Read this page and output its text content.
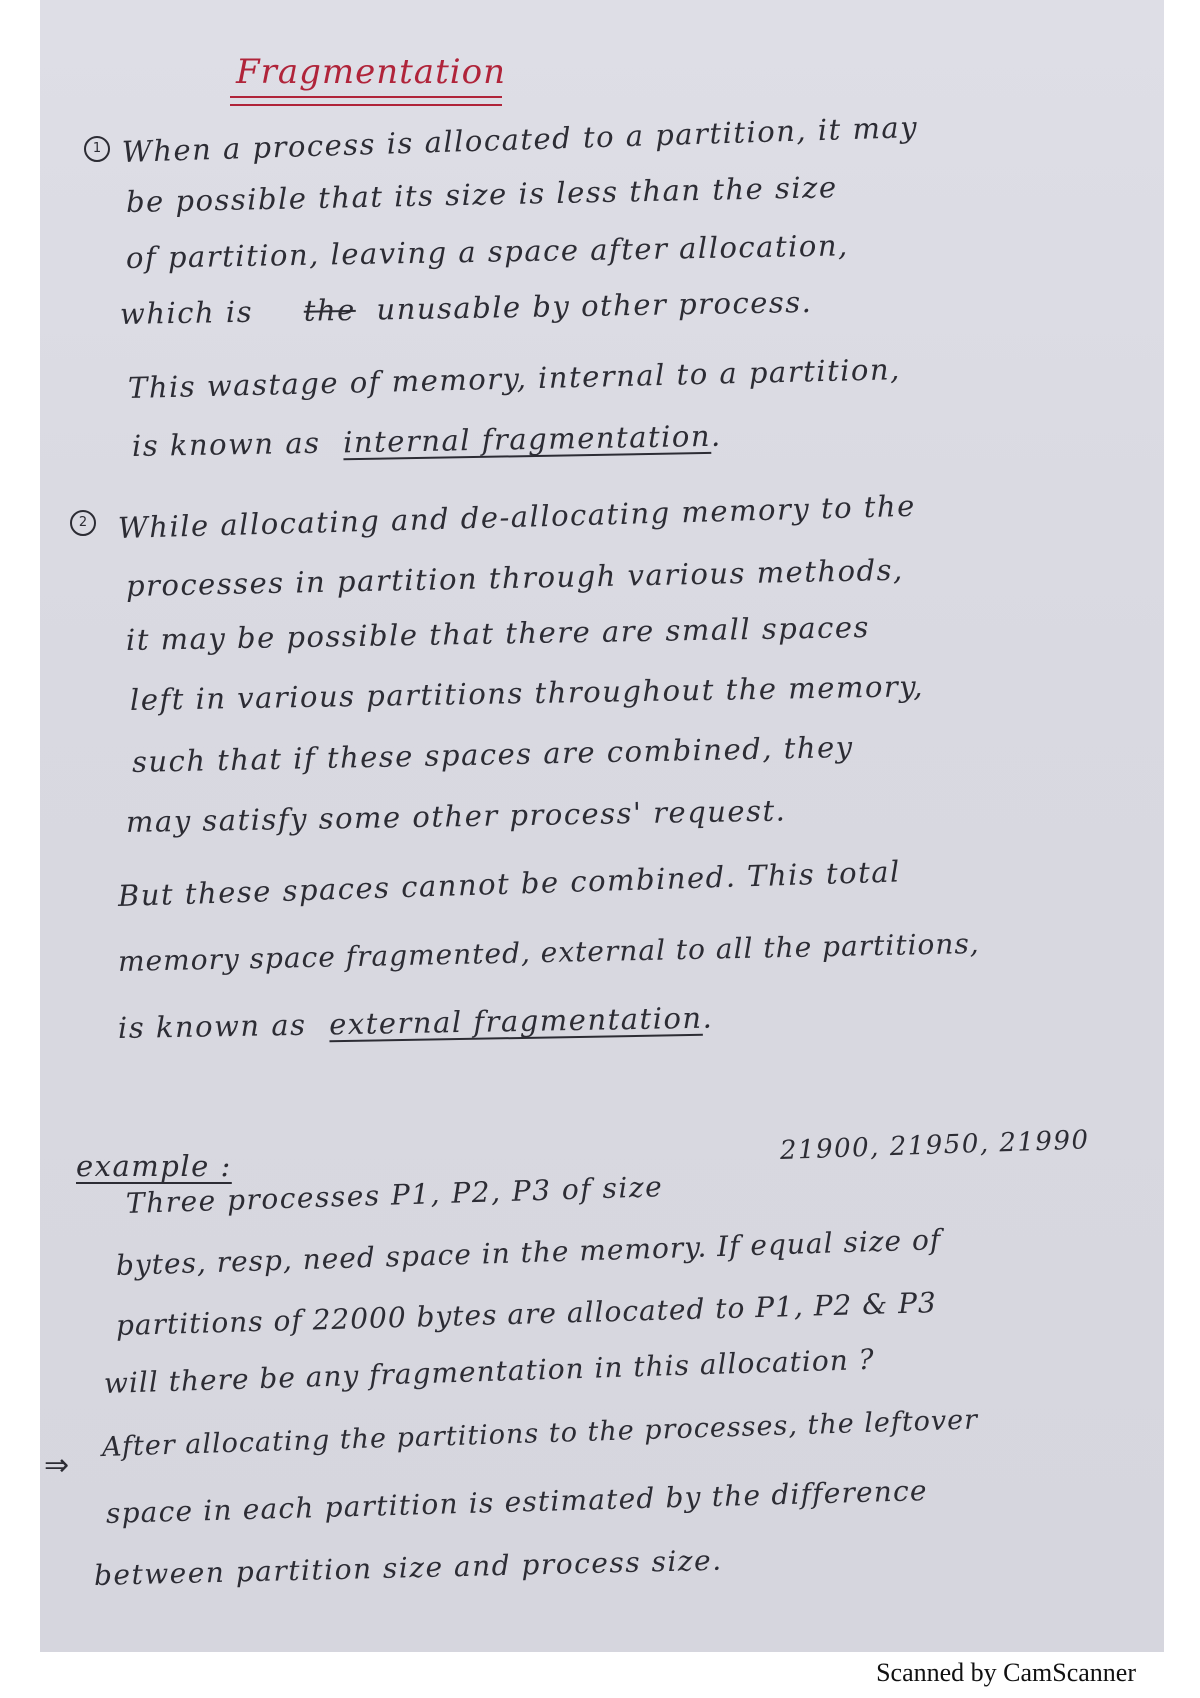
Fragmentation
1 When a process is allocated to a partition, it may
be possible that its size is less than the size
of partition, leaving a space after allocation,
which is the unusable by other process.
This wastage of memory, internal to a partition,
is known as internal fragmentation.
2	While allocating and de-allocating memory to the
processes in partition through various methods,
it may be possible that there are small spaces
left in various partitions throughout the memory,
such that if these spaces are combined, they
may satisfy some other process' request.
But these spaces cannot be combined. This total
memory space fragmented, external to all the partitions,
is known as external fragmentation.
example :
21900, 21950, 21990
Three processes P1, P2, P3 of size
bytes, resp, need space in the memory. If equal size of
partitions of 22000 bytes are allocated to P1, P2 & P3
will there be any fragmentation in this allocation ?
⇒
After allocating the partitions to the processes, the leftover
space in each partition is estimated by the difference
between partition size and process size.
Scanned by CamScanner
